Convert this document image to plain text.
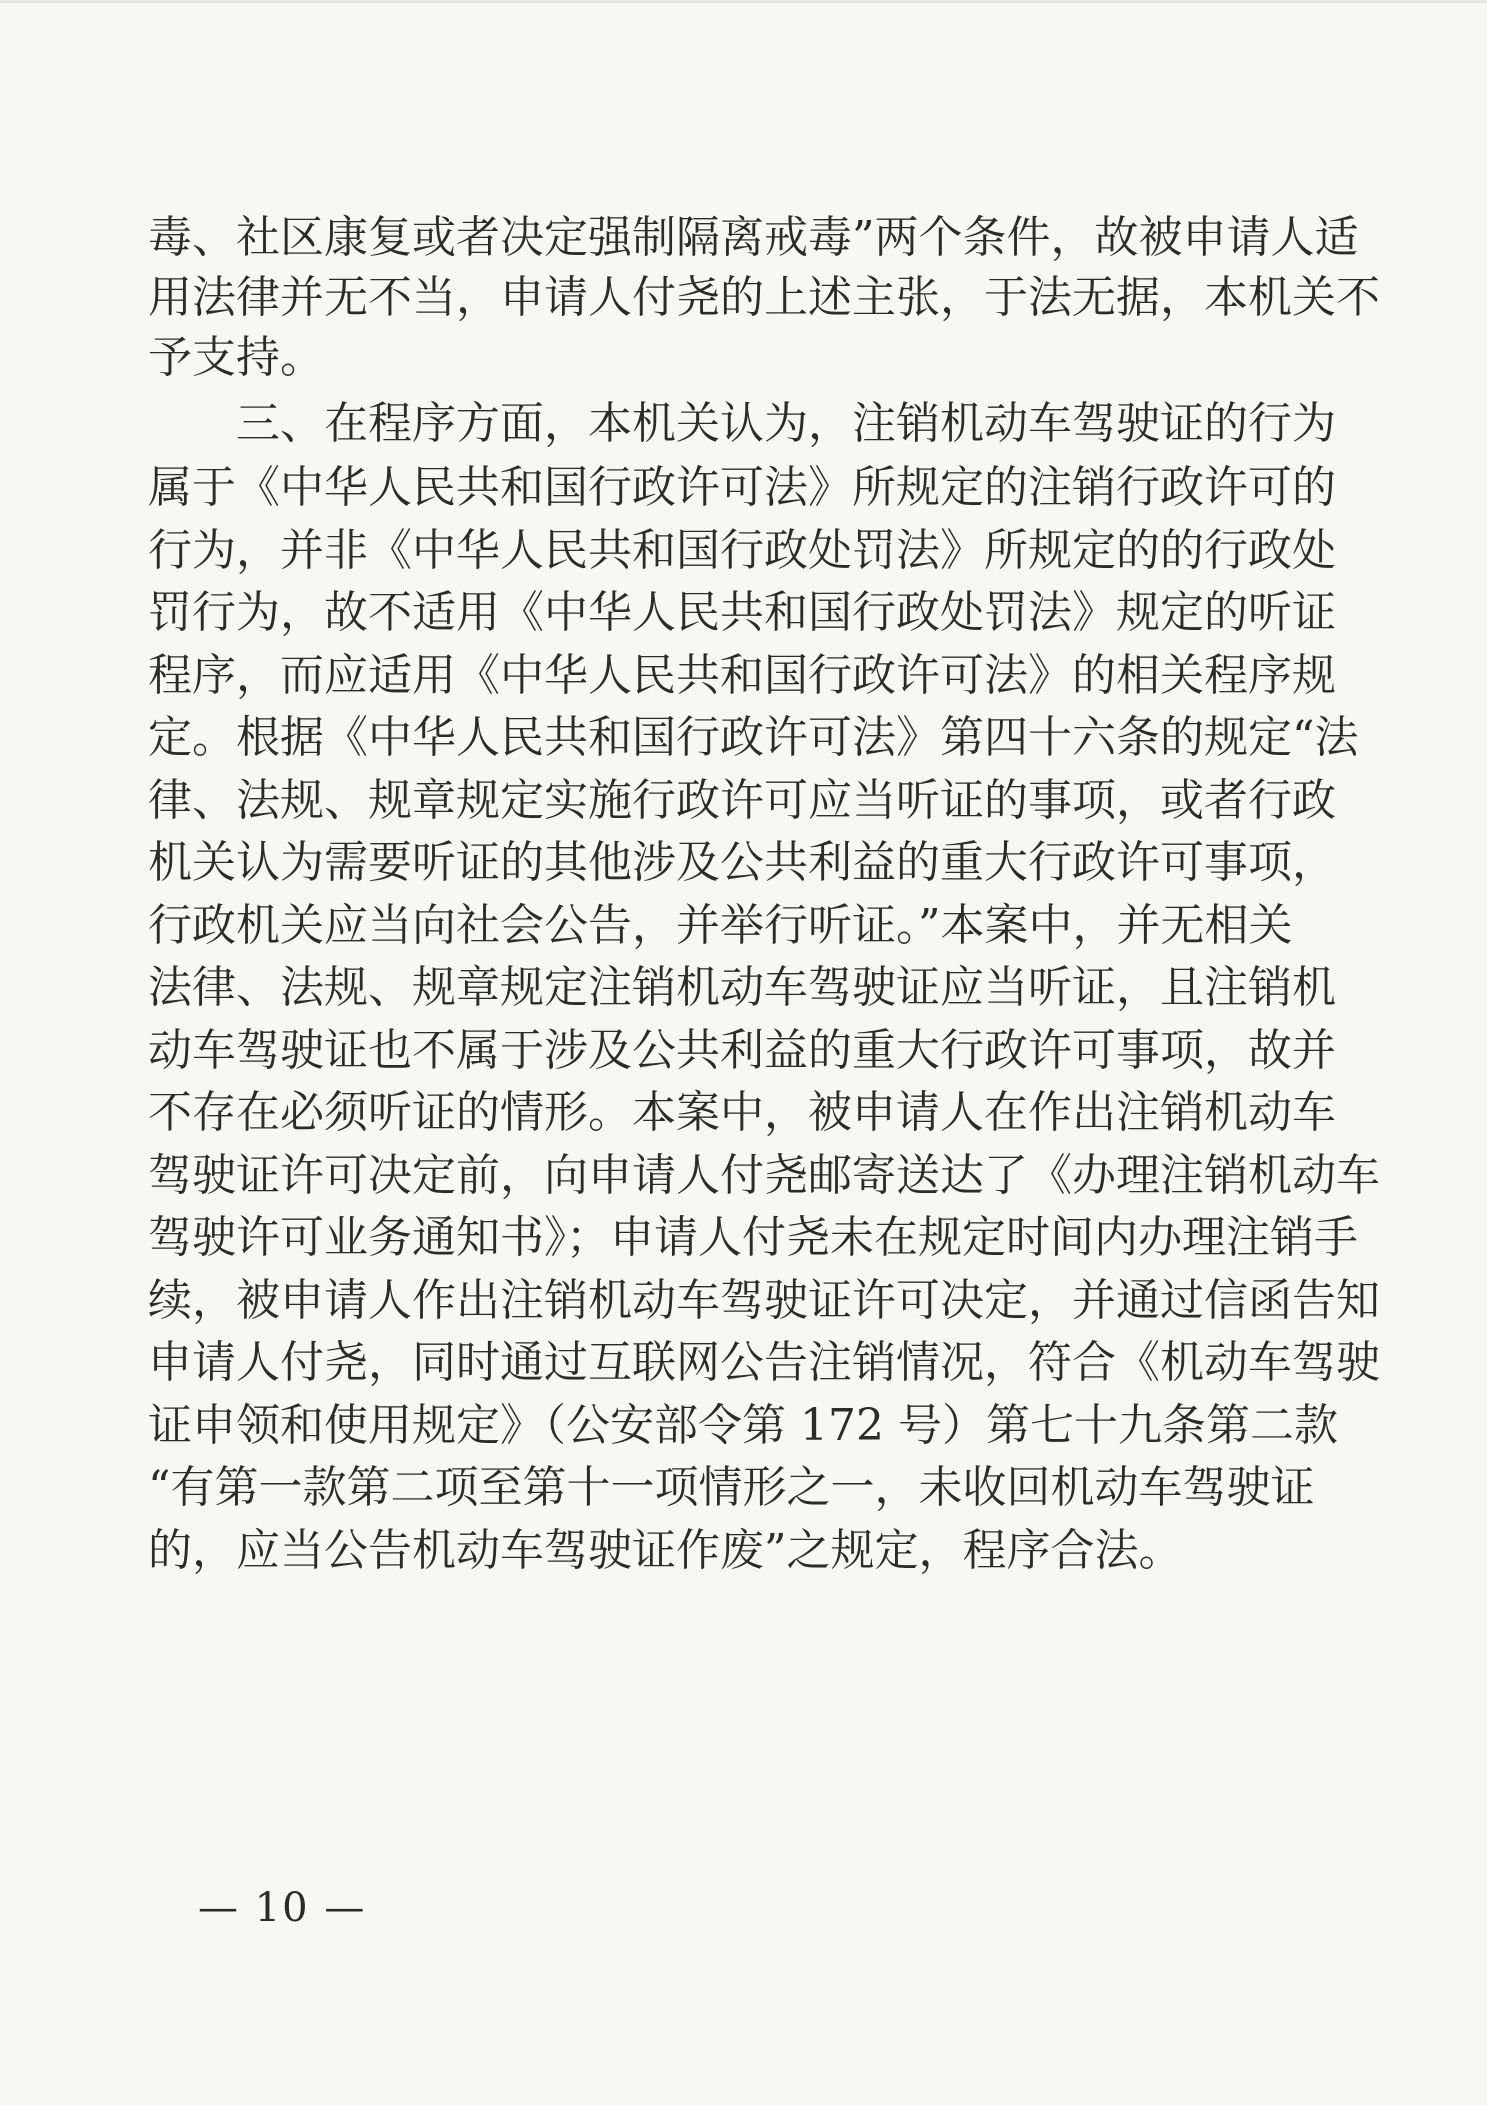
毒、社区康复或者决定强制隔离戒毒”两个条件，故被申请人适

用法律并无不当，申请人付尧的上述主张，于法无据，本机关不

予支持。

　　三、在程序方面，本机关认为，注销机动车驾驶证的行为

属于《中华人民共和国行政许可法》所规定的注销行政许可的

行为，并非《中华人民共和国行政处罚法》所规定的的行政处

罚行为，故不适用《中华人民共和国行政处罚法》规定的听证

程序，而应适用《中华人民共和国行政许可法》的相关程序规

定。根据《中华人民共和国行政许可法》第四十六条的规定“法

律、法规、规章规定实施行政许可应当听证的事项，或者行政

机关认为需要听证的其他涉及公共利益的重大行政许可事项，

行政机关应当向社会公告，并举行听证。”本案中，并无相关

法律、法规、规章规定注销机动车驾驶证应当听证，且注销机

动车驾驶证也不属于涉及公共利益的重大行政许可事项，故并

不存在必须听证的情形。本案中，被申请人在作出注销机动车

驾驶证许可决定前，向申请人付尧邮寄送达了《办理注销机动车

驾驶许可业务通知书》；申请人付尧未在规定时间内办理注销手

续，被申请人作出注销机动车驾驶证许可决定，并通过信函告知

申请人付尧，同时通过互联网公告注销情况，符合《机动车驾驶

证申领和使用规定》（公安部令第 172 号）第七十九条第二款

“有第一款第二项至第十一项情形之一，未收回机动车驾驶证

的，应当公告机动车驾驶证作废”之规定，程序合法。

— 10 —
